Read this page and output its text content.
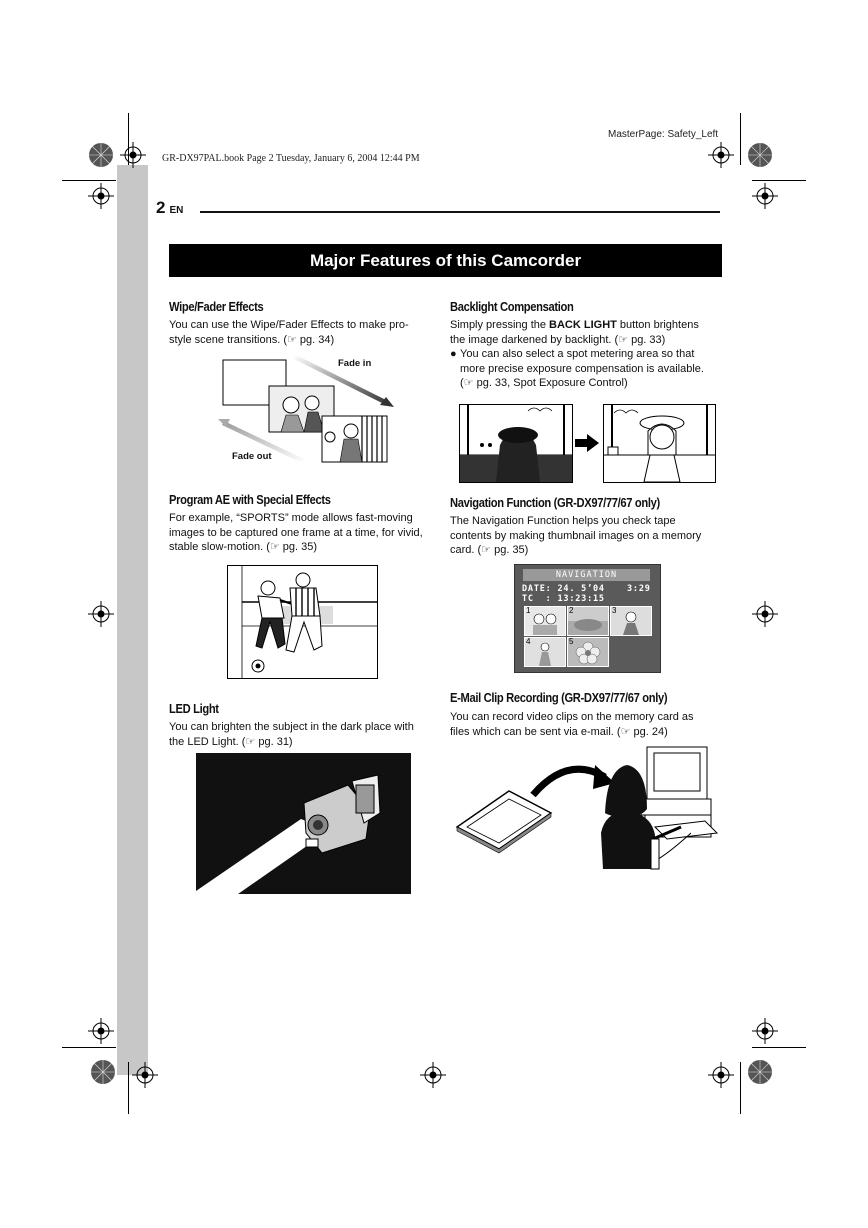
GR-DX97PAL.book Page 2 Tuesday, January 6, 2004 12:44 PM
MasterPage: Safety_Left
2 EN
Major Features of this Camcorder
Wipe/Fader Effects
You can use the Wipe/Fader Effects to make pro-
style scene transitions. (☞ pg. 34)
Fade in
Fade out
Program AE with Special Effects
For example, “SPORTS” mode allows fast-moving
images to be captured one frame at a time, for vivid,
stable slow-motion. (☞ pg. 35)
LED Light
You can brighten the subject in the dark place with
the LED Light. (☞ pg. 31)
Backlight Compensation
Simply pressing the BACK LIGHT button brightens
the image darkened by backlight. (☞ pg. 33)
● You can also select a spot metering area so that
more precise exposure compensation is available.
(☞ pg. 33, Spot Exposure Control)
Navigation Function (GR-DX97/77/67 only)
The Navigation Function helps you check tape
contents by making thumbnail images on a memory
card. (☞ pg. 35)
NAVIGATION
DATE: 24. 5’04	3:29
TC  : 13:23:15
1	2	3
4	5
E-Mail Clip Recording (GR-DX97/77/67 only)
You can record video clips on the memory card as
files which can be sent via e-mail. (☞ pg. 24)
